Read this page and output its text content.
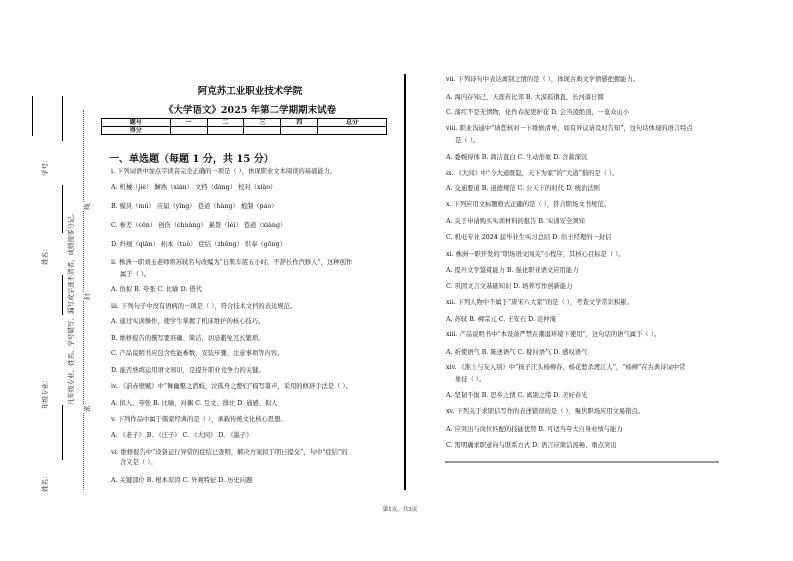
学号：
姓名：	凡年级专业、姓名、学号错写、漏写或字迹不清者，成绩按零分记。
年级专业：
姓名：
线
封
密
阿克苏工业职业技术学院
《大学语文》2025 年第二学期期末试卷
题号	一	二	三	四	总分
得分					
一、单选题（每题 1 分，共 15 分）
i. 下列词语中加点字读音完全正确的一项是（ ），体现职业文本阅读的基础能力。
A. 机械（jiè） 娴熟（xián） 文档（dàng） 校对（xiào）
B. 模具（mú） 应届（yīng） 巷道（hàng） 炮制（páo）
C. 参差（cēn） 创伤（chuàng） 累赘（léi） 巷道（xiàng）
D. 纤细（qiān） 拓本（tuò） 症结（zhēng） 供奉（gōng）
ii. 株洲一职刘玉老师将苏轼名句改编为“日肌车底五小时，不辞长作汽修人”，这种创作
属于（ ）。
A. 仿拟 B. 夸张 C. 比喻 D. 借代
iii. 下列句子中没有语病的一项是（ ），符合技术文档的表达规范。
A. 通过实训操作，使学生掌握了机床维护的核心技巧。
B. 维修报告的撰写要准确、简洁，切忌避免冗长繁琐。
C. 产品说明书应包含性能参数、安装步骤、注意事项等内容。
D. 能否熟练运用语文知识，是提升职业竞争力的关键。
iv. 《前赤壁赋》中“舞幽壑之潜蛟，泣孤舟之嫠妇”描写箫声，采用的修辞手法是（ ）。
A. 拟人、夸张 B. 比喻、对偶 C. 互文、排比 D. 通感、拟人
v. 下列作品中属于儒家经典的是（ ），承载传统文化核心思想。
A. 《老子》 B. 《庄子》 C. 《大同》 D. 《墨子》
vi. 维修报告中“设备运行异常的症结已查明，解决方案拟于明日提交”，句中“症结”的
含义是（ ）。
A. 关键部位 B. 根本原因 C. 外观特征 D. 历史问题
vii. 下列诗句中表达离别之情的是（ ），体现古典文学情感把握能力。
A. 海内存知己，天涯若比邻 B. 大漠孤烟直，长河落日圆
C. 落红不是无情物，化作春泥更护花 D. 会当凌绝顶，一览众山小
viii. 职业沟通中“请您核对一下维修清单，如有异议请及时告知”，这句话体现的语言特点
是（ ）。
A. 委婉得体 B. 简洁直白 C. 生动形象 D. 含蓄深沉
ix. 《大同》中“今大道既隐，天下为家”的“大道”指的是（ ）。
A. 交通要道 B. 道德规范 C. 公天下的时代 D. 统治法则
x. 下列应用文标题格式正确的是（ ），符合职场文书规范。
A. 关于申请购买实训材料的报告 B. 实训安全须知
C. 机电专业 2024 届毕业生实习总结 D. 给王经理的一封信
xi. 株洲一职开发的“职场语文闯关”小程序，其核心目标是（ ）。
A. 提升文学鉴赏能力 B. 强化职业语文应用能力
C. 巩固文言文基础知识 D. 培养写作创新能力
xii. 下列人物中不属于“唐宋八大家”的是（ ），考查文学常识积累。
A. 苏轼 B. 柳宗元 C. 王安石 D. 范仲淹
xiii. 产品说明书中“本设备严禁在潮湿环境下使用”，这句话的语气属于（ ）。
A. 祈使语气 B. 陈述语气 C. 疑问语气 D. 感叹语气
xiv. 《淮上与友人别》中“扬子江头杨柳春，杨花愁杀渡江人”，“杨柳”在古典诗词中常
象征（ ）。
A. 坚韧不拔 B. 思乡之情 C. 离别之绪 D. 美好春光
xv. 下列关于求职信写作的表述错误的是（ ），聚焦职场应用文易错点。
A. 应突出与岗位匹配的技能优势 B. 可适当夸大自身业绩与能力
C. 需明确求职意向与联系方式 D. 语言应简洁流畅、重点突出
第1页，共3页
